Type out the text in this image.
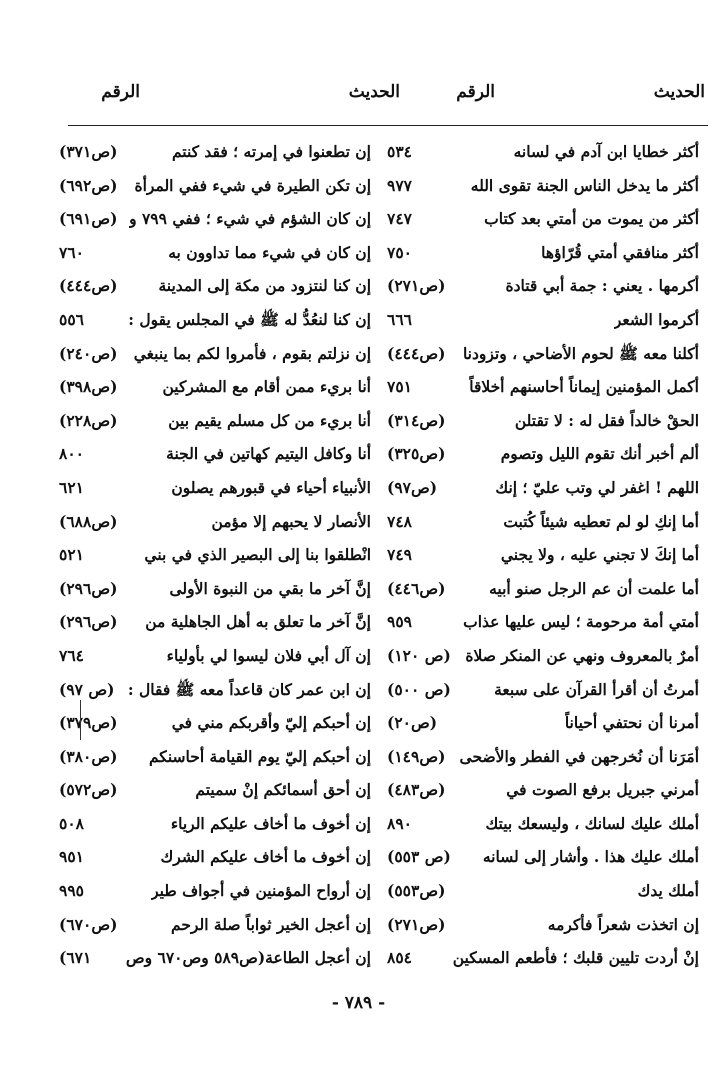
الحديث
الرقم
الحديث
الرقم
أكثر خطايا ابن آدم في لسانه
٥٣٤
أكثر ما يدخل الناس الجنة تقوى الله
٩٧٧
أكثر من يموت من أمتي بعد كتاب
٧٤٧
أكثر منافقي أمتي قُرّاؤها
٧٥٠
أكرمها . يعني : جمة أبي قتادة
(ص٢٧١)
أكرموا الشعر
٦٦٦
أكلنا معه ﷺ لحوم الأضاحي ، وتزودنا
(ص٤٤٤)
أكمل المؤمنين إيماناً أحاسنهم أخلاقاً
٧٥١
الحقْ خالداً فقل له : لا تقتلن
(ص٣١٤)
ألم أخبر أنك تقوم الليل وتصوم
(ص٣٢٥)
اللهم ! اغفر لي وتب عليّ ؛ إنك
(ص٩٧)
أما إنكِ لو لم تعطيه شيئاً كُتبت
٧٤٨
أما إنكَ لا تجني عليه ، ولا يجني
٧٤٩
أما علمت أن عم الرجل صنو أبيه
(ص٤٤٦)
أمتي أمة مرحومة ؛ ليس عليها عذاب
٩٥٩
أمرٌ بالمعروف ونهي عن المنكر صلاة
(ص ١٢٠)
أمرتُ أن أقرأ القرآن على سبعة
(ص ٥٠٠)
أمرنا أن نحتفي أحياناً
(ص٢٠)
أمَرَنا أن نُخرجهن في الفطر والأضحى
(ص١٤٩)
أمرني جبريل برفع الصوت في
(ص٤٨٣)
أملك عليك لسانك ، وليسعك بيتك
٨٩٠
أملك عليك هذا . وأشار إلى لسانه
(ص ٥٥٣)
أملك يدك
(ص٥٥٣)
إن اتخذت شعراً فأكرمه
(ص٢٧١)
إنْ أردت تليين قلبك ؛ فأطعم المسكين
٨٥٤
إن تطعنوا في إمرته ؛ فقد كنتم
(ص٣٧١)
إن تكن الطيرة في شيء ففي المرأة
(ص٦٩٢)
إن كان الشؤم في شيء ؛ ففي ٧٩٩ و
(ص٦٩١)
إن كان في شيء مما تداوون به
٧٦٠
إن كنا لنتزود من مكة إلى المدينة
(ص٤٤٤)
إن كنا لنعُدُّ له ﷺ في المجلس يقول :
٥٥٦
إن نزلتم بقوم ، فأمروا لكم بما ينبغي
(ص٢٤٠)
أنا بريء ممن أقام مع المشركين
(ص٣٩٨)
أنا بريء من كل مسلم يقيم بين
(ص٢٢٨)
أنا وكافل اليتيم كهاتين في الجنة
٨٠٠
الأنبياء أحياء في قبورهم يصلون
٦٢١
الأنصار لا يحبهم إلا مؤمن
(ص٦٨٨)
انْطلقوا بنا إلى البصير الذي في بني
٥٢١
إنَّ آخر ما بقي من النبوة الأولى
(ص٢٩٦)
إنَّ آخر ما تعلق به أهل الجاهلية من
(ص٢٩٦)
إن آل أبي فلان ليسوا لي بأولياء
٧٦٤
إن ابن عمر كان قاعداً معه ﷺ فقال :
(ص ٩٧)
إن أحبكم إليّ وأقربكم مني في
(ص٣٧٩)
إن أحبكم إليّ يوم القيامة أحاسنكم
(ص٣٨٠)
إن أحق أسمائكم إنْ سميتم
(ص٥٧٢)
إن أخوف ما أخاف عليكم الرياء
٥٠٨
إن أخوف ما أخاف عليكم الشرك
٩٥١
إن أرواح المؤمنين في أجواف طير
٩٩٥
إن أعجل الخير ثواباً صلة الرحم
(ص٦٧٠)
إن أعجل الطاعة(ص٥٨٩ وص٦٧٠ وص
٦٧١)
- ٧٨٩ -
